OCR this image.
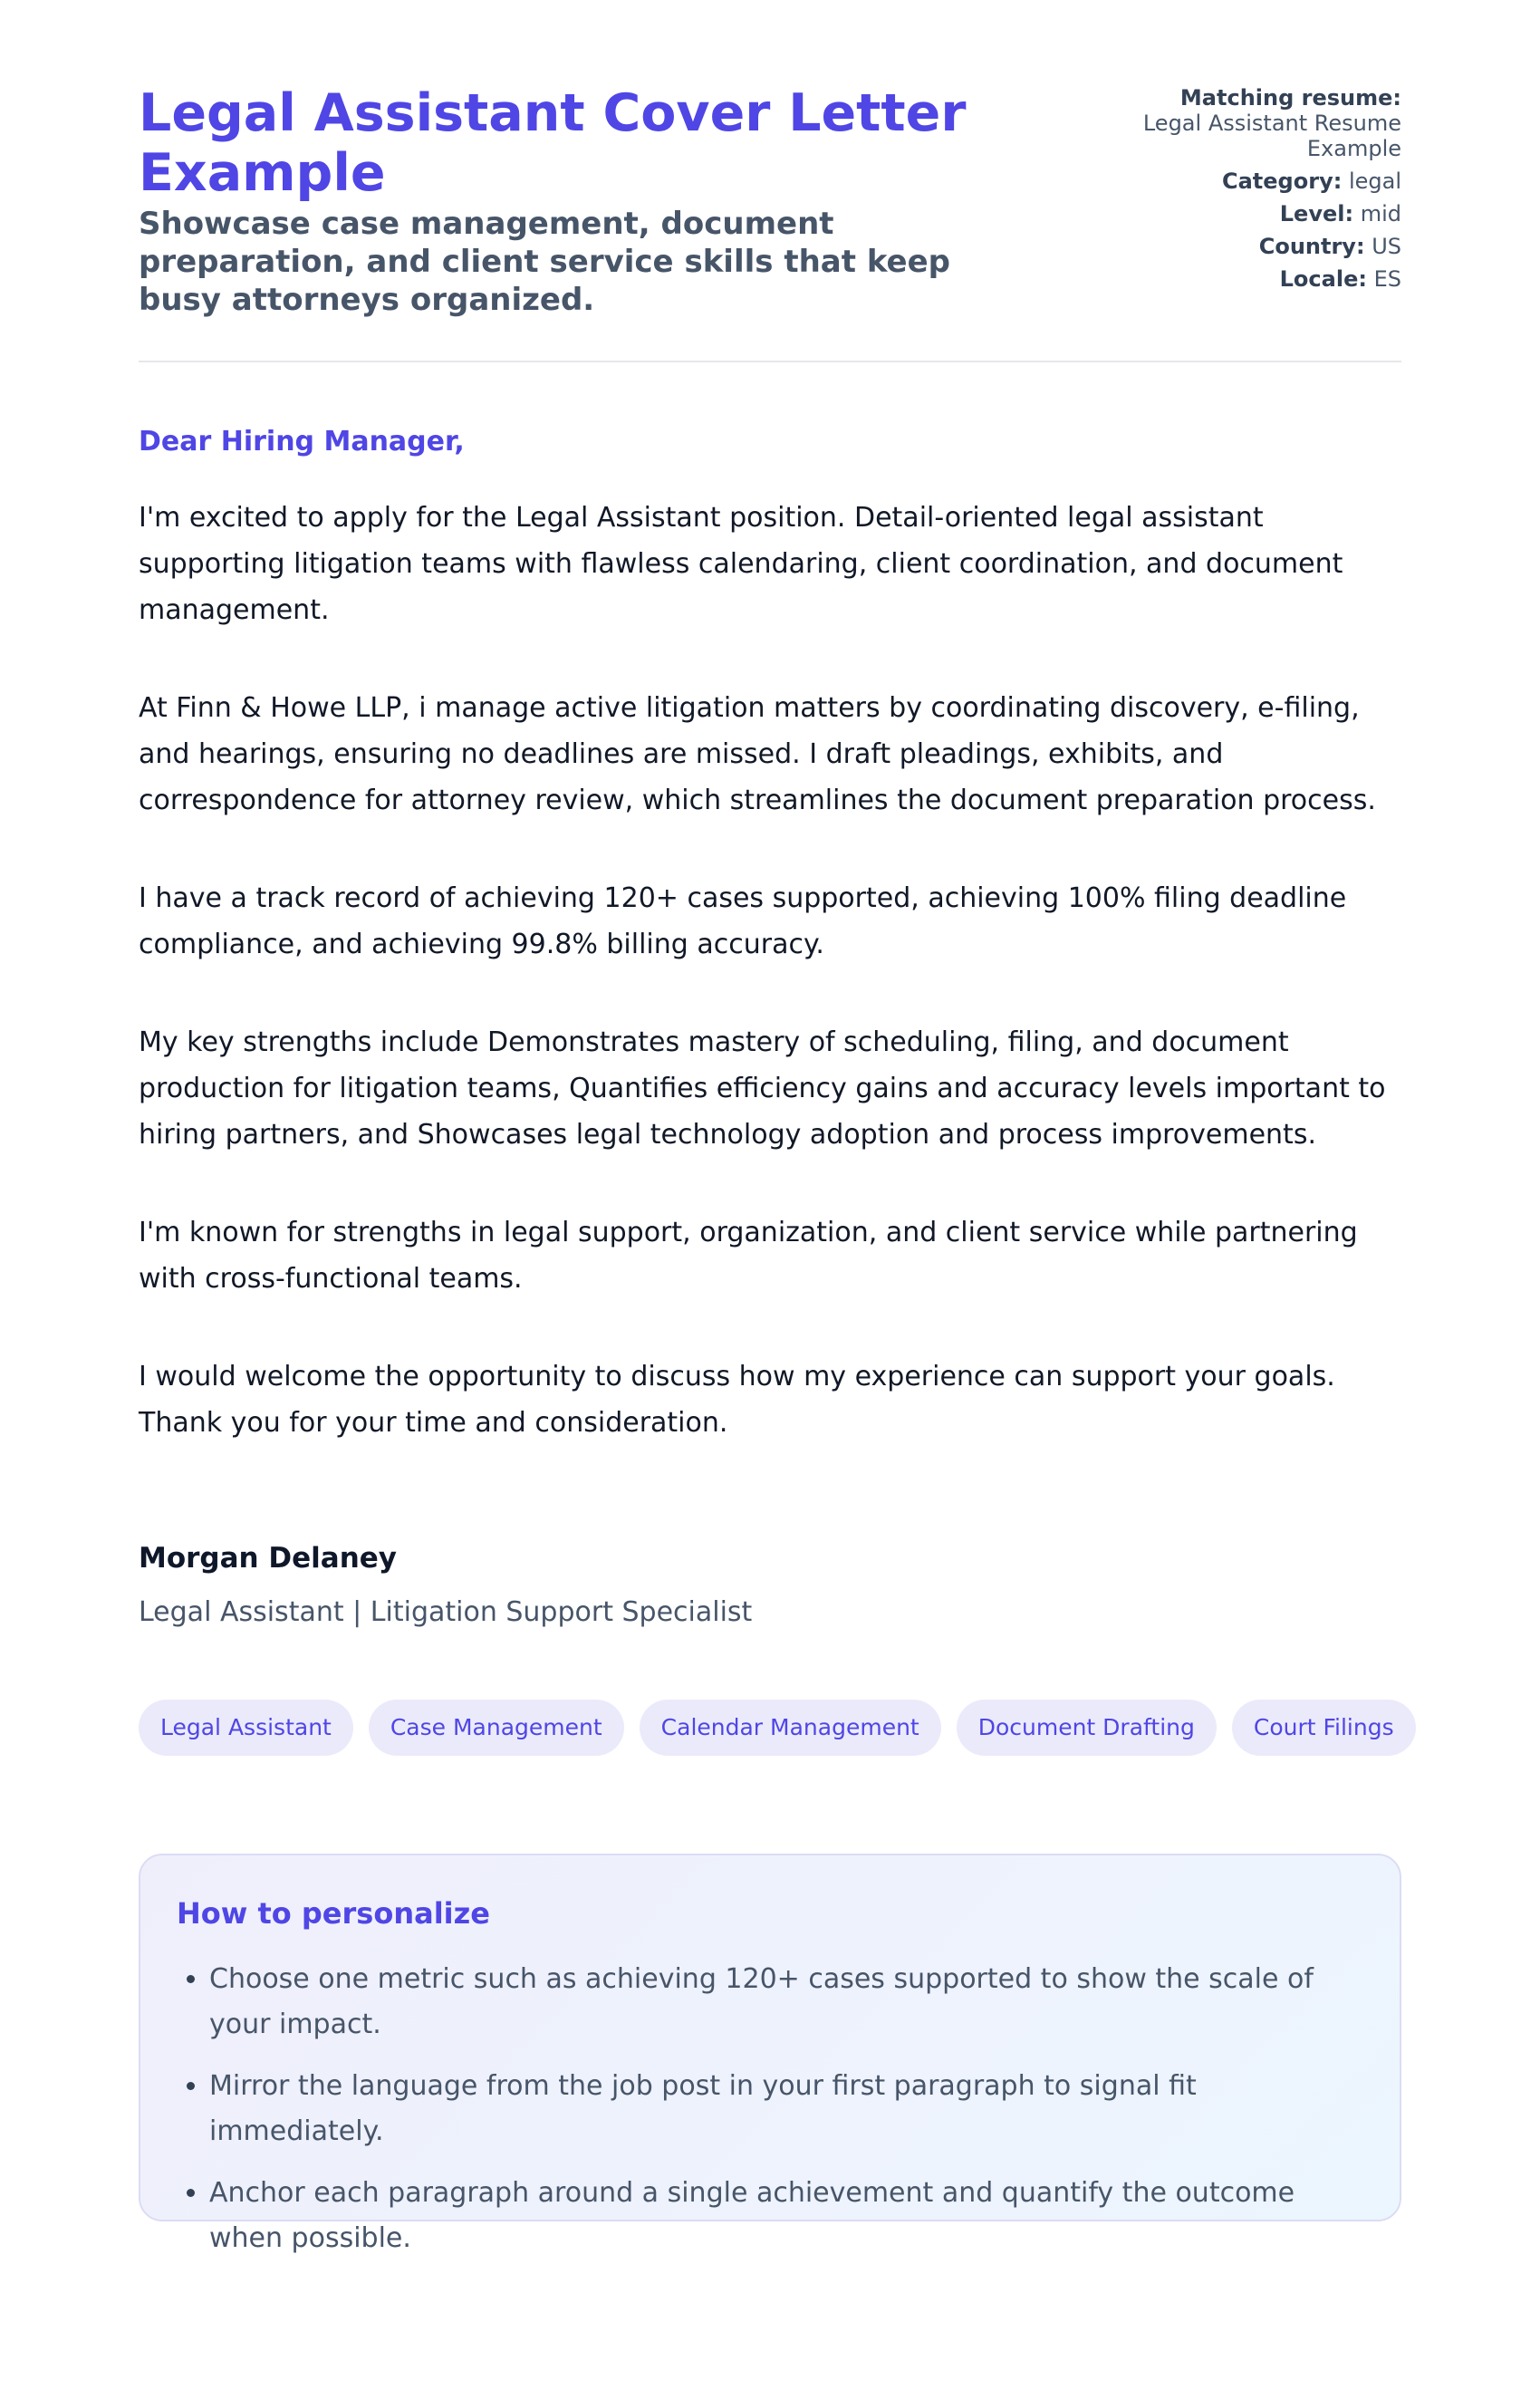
Legal Assistant Cover Letter Example
Showcase case management, document preparation, and client service skills that keep busy attorneys organized.
Matching resume:
Legal Assistant Resume Example
Category: legal
Level: mid
Country: US
Locale: ES

Dear Hiring Manager,

I'm excited to apply for the Legal Assistant position. Detail-oriented legal assistant supporting litigation teams with flawless calendaring, client coordination, and document management.

At Finn & Howe LLP, i manage active litigation matters by coordinating discovery, e-filing, and hearings, ensuring no deadlines are missed. I draft pleadings, exhibits, and correspondence for attorney review, which streamlines the document preparation process.

I have a track record of achieving 120+ cases supported, achieving 100% filing deadline compliance, and achieving 99.8% billing accuracy.

My key strengths include Demonstrates mastery of scheduling, filing, and document production for litigation teams, Quantifies efficiency gains and accuracy levels important to hiring partners, and Showcases legal technology adoption and process improvements.

I'm known for strengths in legal support, organization, and client service while partnering with cross-functional teams.

I would welcome the opportunity to discuss how my experience can support your goals. Thank you for your time and consideration.

Morgan Delaney
Legal Assistant | Litigation Support Specialist
Legal Assistant	Case Management	Calendar Management	Document Drafting	Court Filings
How to personalize
• Choose one metric such as achieving 120+ cases supported to show the scale of your impact.
• Mirror the language from the job post in your first paragraph to signal fit immediately.
• Anchor each paragraph around a single achievement and quantify the outcome when possible.
